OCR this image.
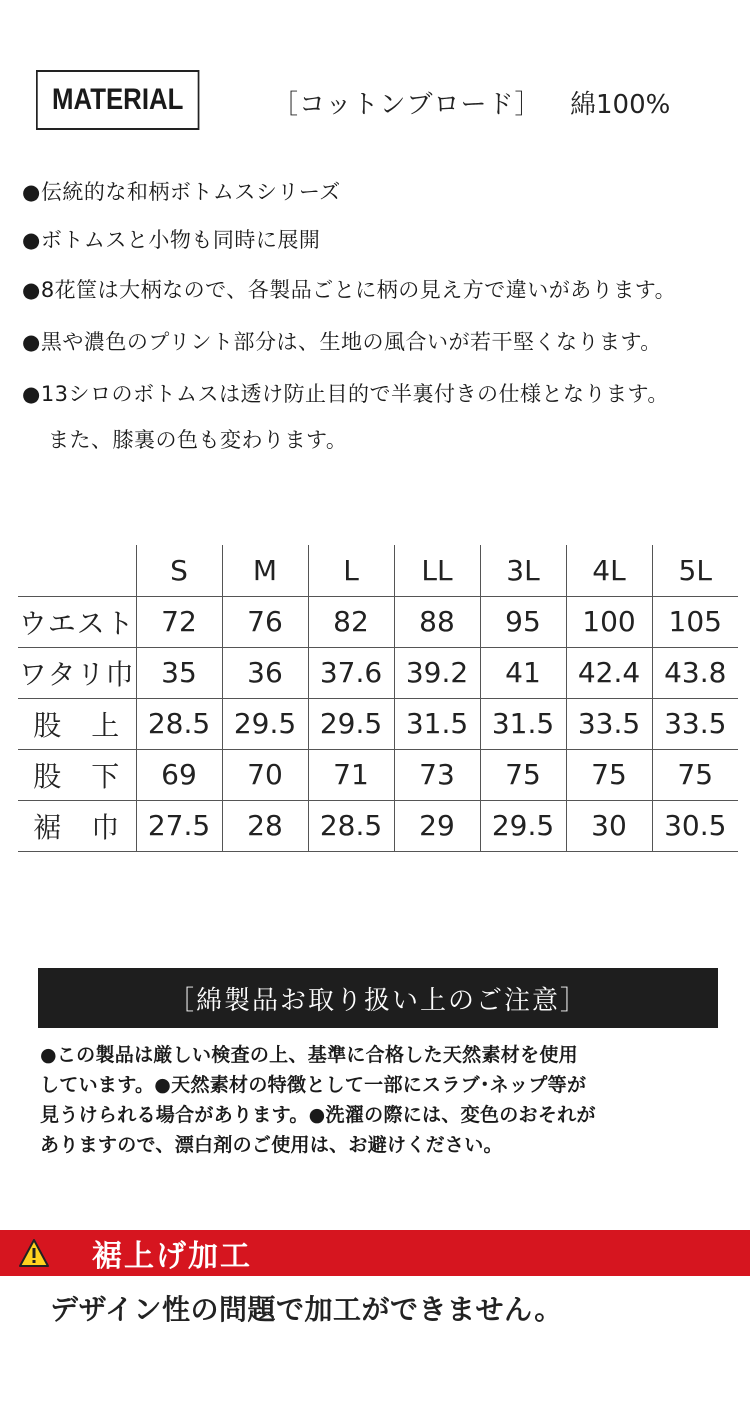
MATERIAL	［コットンブロード］ 綿100%
●伝統的な和柄ボトムスシリーズ
●ボトムスと小物も同時に展開
●8花筐は大柄なので、各製品ごとに柄の見え方で違いがあります。
●黒や濃色のプリント部分は、生地の風合いが若干堅くなります。
●13シロのボトムスは透け防止目的で半裏付きの仕様となります。
また、膝裏の色も変わります。
	S	M	L	LL	3L	4L	5L
ウエスト	72	76	82	88	95	100	105
ワタリ巾	35	36	37.6	39.2	41	42.4	43.8
股　上	28.5	29.5	29.5	31.5	31.5	33.5	33.5
股　下	69	70	71	73	75	75	75
裾　巾	27.5	28	28.5	29	29.5	30	30.5
［綿製品お取り扱い上のご注意］
●この製品は厳しい検査の上、基準に合格した天然素材を使用
しています。●天然素材の特徴として一部にスラブ･ネップ等が
見うけられる場合があります。●洗濯の際には、変色のおそれが
ありますので、漂白剤のご使用は、お避けください。
裾上げ加工
デザイン性の問題で加工ができません。
